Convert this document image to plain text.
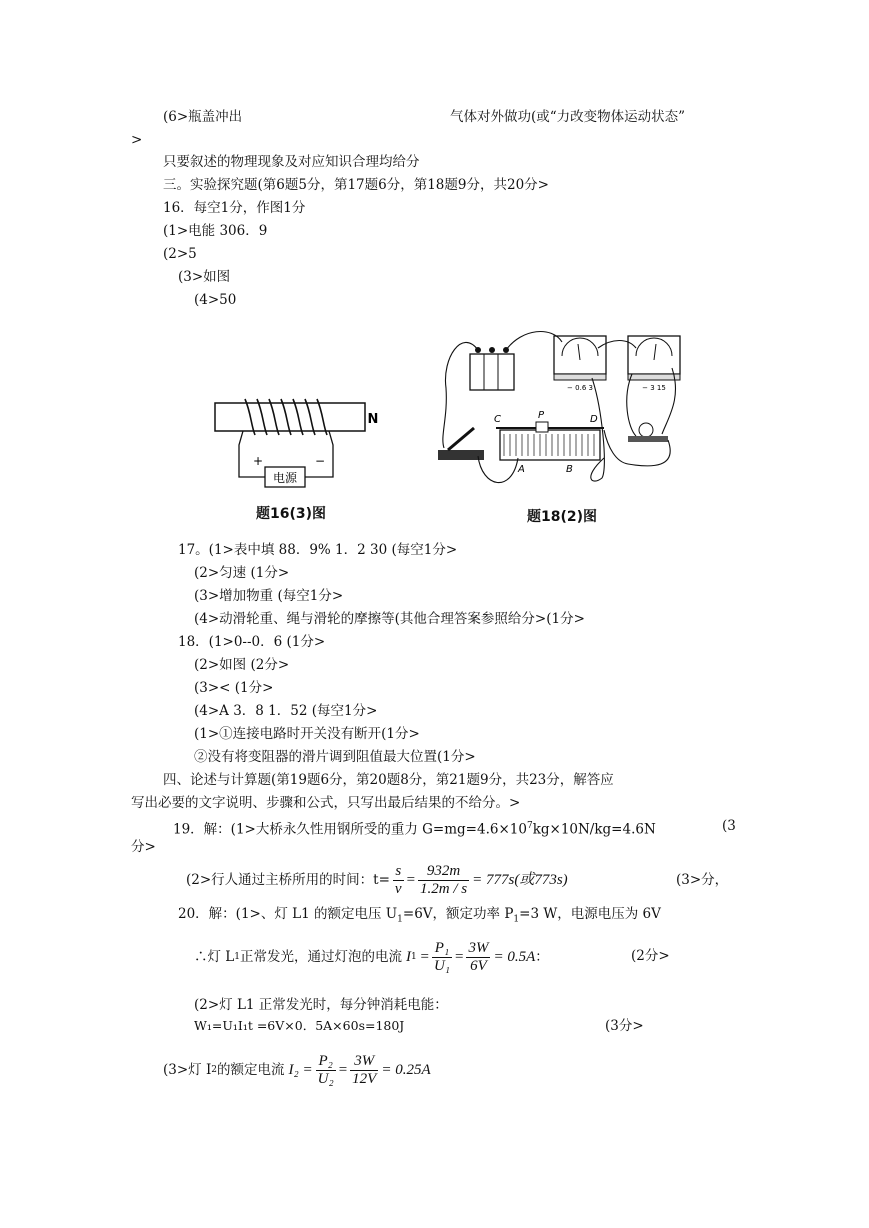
(6>瓶盖冲出	气体对外做功(或“力改变物体运动状态”
>
只要叙述的物理现象及对应知识合理均给分
三。实验探究题(第6题5分，第17题6分，第18题9分，共20分>
16．每空1分，作图1分
(1>电能 306．9
(2>5
(3>如图
(4>50
电源
+	−
N
题16(3)图
− 0.6 3	− 3 15
C	P	D
A	B
题18(2)图
17。(1>表中填 88．9% 1．2 30 (每空1分>
(2>匀速 (1分>
(3>增加物重 (每空1分>
(4>动滑轮重、绳与滑轮的摩擦等(其他合理答案参照给分>(1分>
18．(1>0--0．6 (1分>
(2>如图 (2分>
(3>< (1分>
(4>A 3．8 1．52 (每空1分>
(1>①连接电路时开关没有断开(1分>
②没有将变阻器的滑片调到阻值最大位置(1分>
四、论述与计算题(第19题6分，第20题8分，第21题9分，共23分，解答应
写出必要的文字说明、步骤和公式，只写出最后结果的不给分。>
19．解：(1>大桥永久性用钢所受的重力 $G=mg=4.6\times 10^7kg\times 10N/kg=4.6N$	(3
分>
(2>行人通过主桥所用的时间：$t= \frac{s}{v} = \frac{932m}{1.2m / s} = 777s$(或773s)	(3>分，
20．解：(1>、灯 L1 的额定电压 $U_1=6V$，额定功率 $P_1=3$ W，电源电压为 6V
∴灯 L 1 正常发光，通过灯泡的电流 I $1 = \frac{\text{P₁}}{\text{U₁}} = \frac{3W}{6V} = 0.5A$ ：	(2分>
(2>灯 L1 正常发光时，每分钟消耗电能：
W₁=U₁I₁t =6V×0．5A×60s=180J	(3分>
(3>灯 I 2 的额定电流 $I_2 = \frac{\text{P₂}}{\text{U₂}} = \frac{3W}{12V} = 0.25A$
